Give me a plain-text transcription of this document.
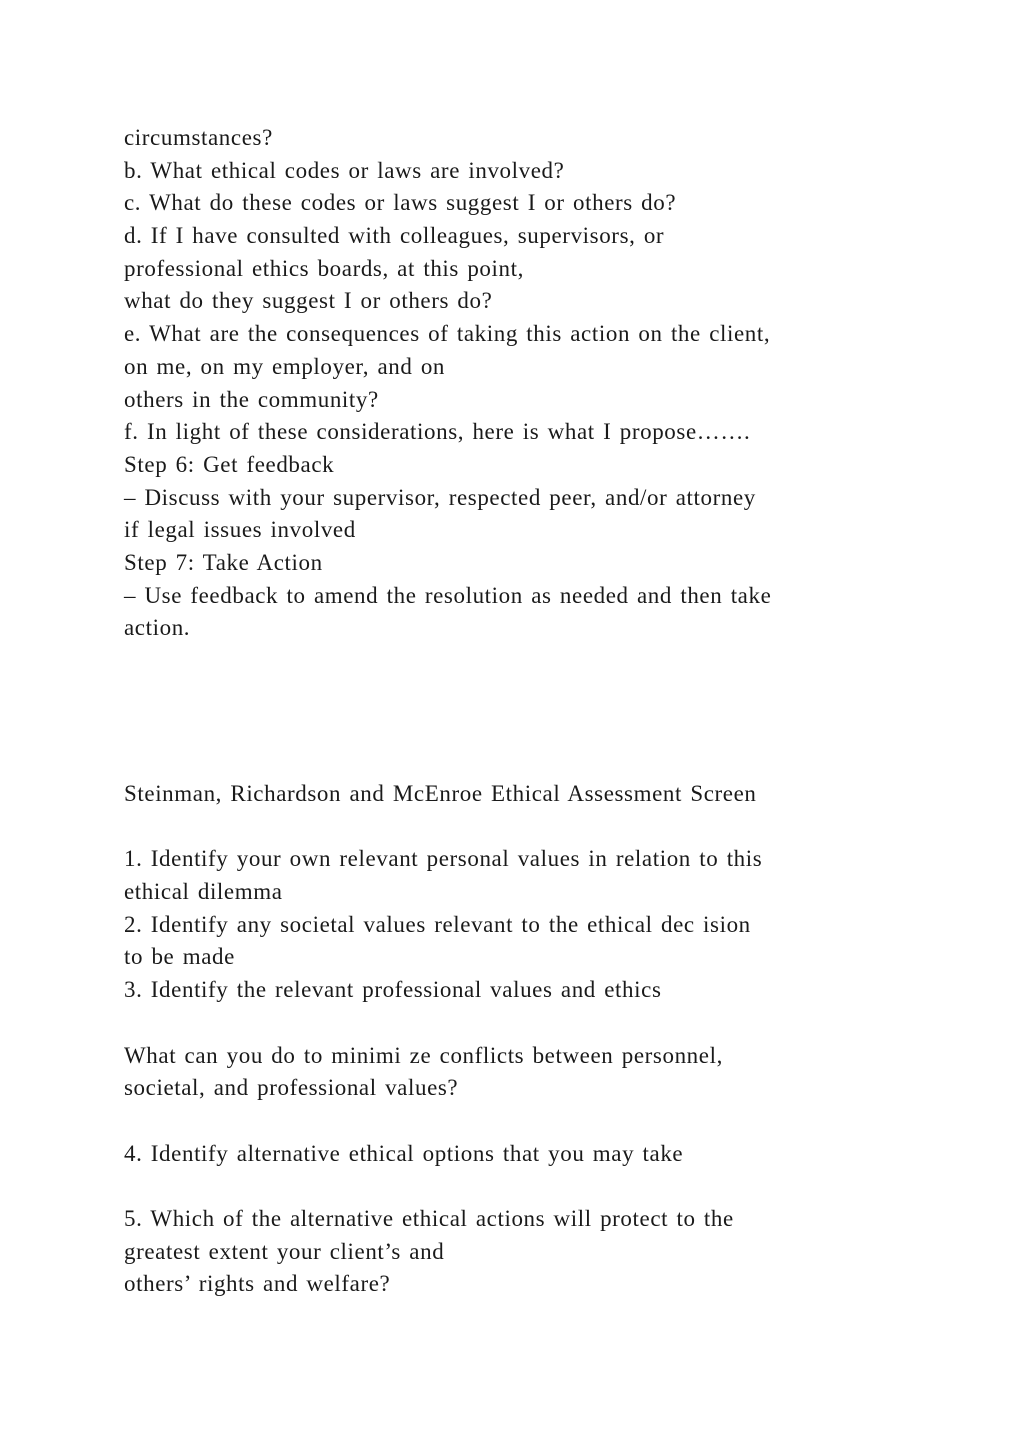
circumstances?
b. What ethical codes or laws are involved?
c. What do these codes or laws suggest I or others do?
d. If I have consulted with colleagues, supervisors, or
professional ethics boards, at this point,
what do they suggest I or others do?
e. What are the consequences of taking this action on the client,
on me, on my employer, and on
others in the community?
f. In light of these considerations, here is what I propose…….
Step 6: Get feedback
– Discuss with your supervisor, respected peer, and/or attorney
if legal issues involved
Step 7: Take Action
– Use feedback to amend the resolution as needed and then take
action.
Steinman, Richardson and McEnroe Ethical Assessment Screen
1. Identify your own relevant personal values in relation to this
ethical dilemma
2. Identify any societal values relevant to the ethical dec ision
to be made
3. Identify the relevant professional values and ethics
What can you do to minimi ze conflicts between personnel,
societal, and professional values?
4. Identify alternative ethical options that you may take
5. Which of the alternative ethical actions will protect to the
greatest extent your client’s and
others’ rights and welfare?
